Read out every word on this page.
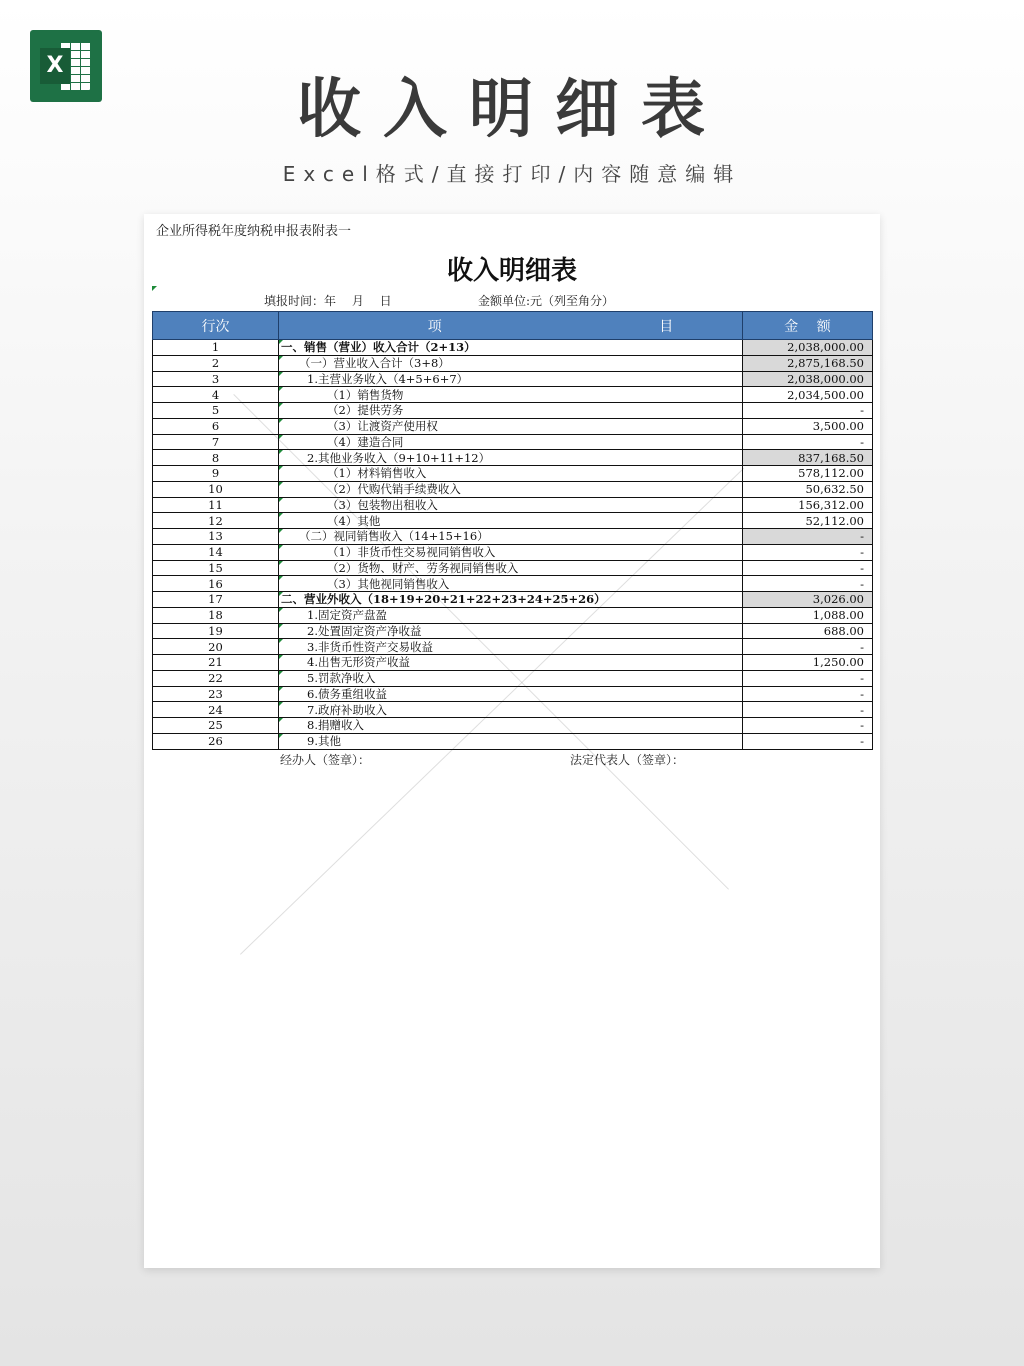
X
收入明细表
Excel格式/直接打印/内容随意编辑
企业所得税年度纳税申报表附表一
收入明细表
填报时间：年　 月　 日	金额单位:元（列至角分）
行次	项 目	金　 额
1	一、销售（营业）收入合计（2+13）	2,038,000.00
2	（一）营业收入合计（3+8）	2,875,168.50
3	1.主营业务收入（4+5+6+7）	2,038,000.00
4	（1）销售货物	2,034,500.00
5	（2）提供劳务	-
6	（3）让渡资产使用权	3,500.00
7	（4）建造合同	-
8	2.其他业务收入（9+10+11+12）	837,168.50
9	（1）材料销售收入	578,112.00
10	（2）代购代销手续费收入	50,632.50
11	（3）包装物出租收入	156,312.00
12	（4）其他	52,112.00
13	（二）视同销售收入（14+15+16）	-
14	（1）非货币性交易视同销售收入	-
15	（2）货物、财产、劳务视同销售收入	-
16	（3）其他视同销售收入	-
17	二、营业外收入（18+19+20+21+22+23+24+25+26）	3,026.00
18	1.固定资产盘盈	1,088.00
19	2.处置固定资产净收益	688.00
20	3.非货币性资产交易收益	-
21	4.出售无形资产收益	1,250.00
22	5.罚款净收入	-
23	6.债务重组收益	-
24	7.政府补助收入	-
25	8.捐赠收入	-
26	9.其他	-
经办人（签章）：	法定代表人（签章）：
